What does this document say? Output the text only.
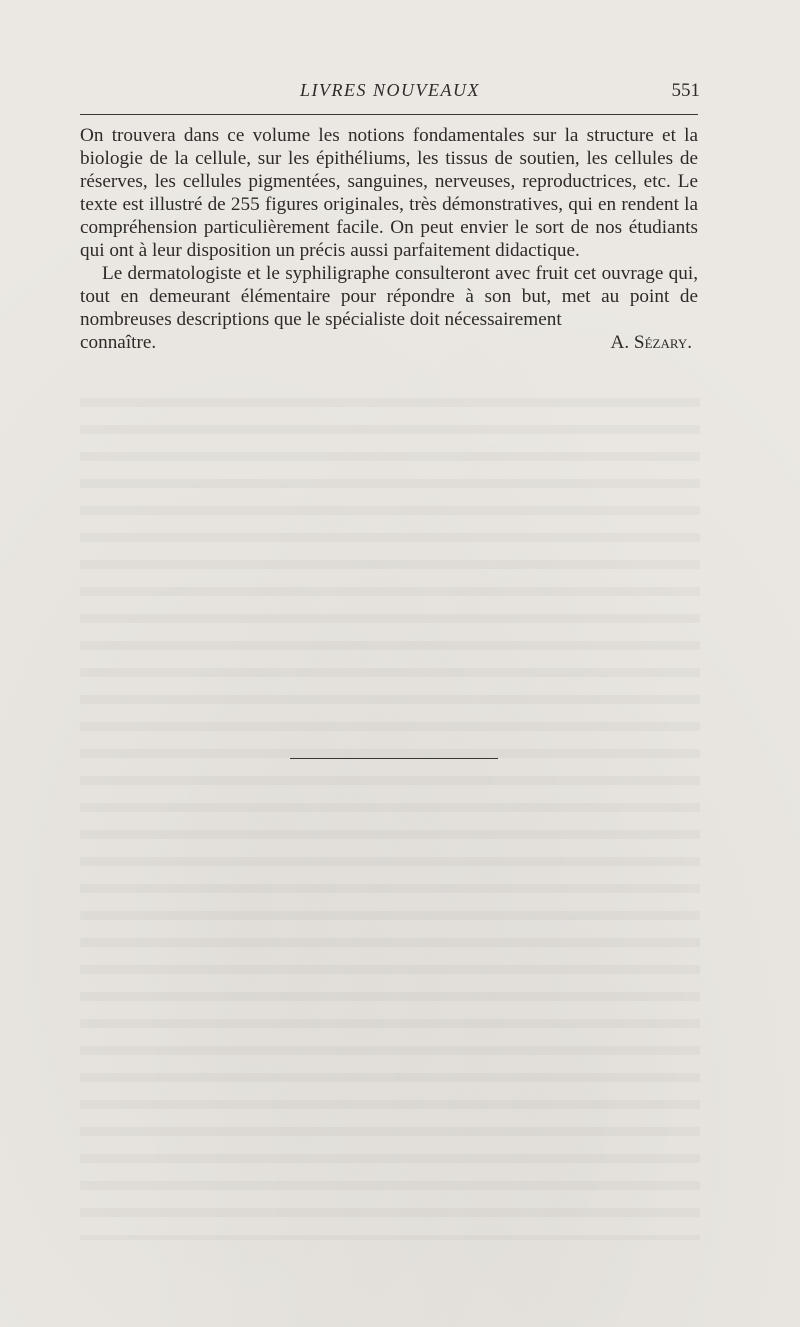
LIVRES NOUVEAUX	551

On trouvera dans ce volume les notions fondamentales sur la structure et la biologie de la cellule, sur les épithéliums, les tissus de soutien, les cellules de réserves, les cellules pigmentées, sanguines, nerveuses, reproductrices, etc. Le texte est illustré de 255 figures originales, très démonstratives, qui en rendent la compréhension particulièrement facile. On peut envier le sort de nos étudiants qui ont à leur disposition un précis aussi parfaitement didactique.

Le dermatologiste et le syphiligraphe consulteront avec fruit cet ouvrage qui, tout en demeurant élémentaire pour répondre à son but, met au point de nombreuses descriptions que le spécialiste doit nécessairement

connaître.	A. Sézary.
